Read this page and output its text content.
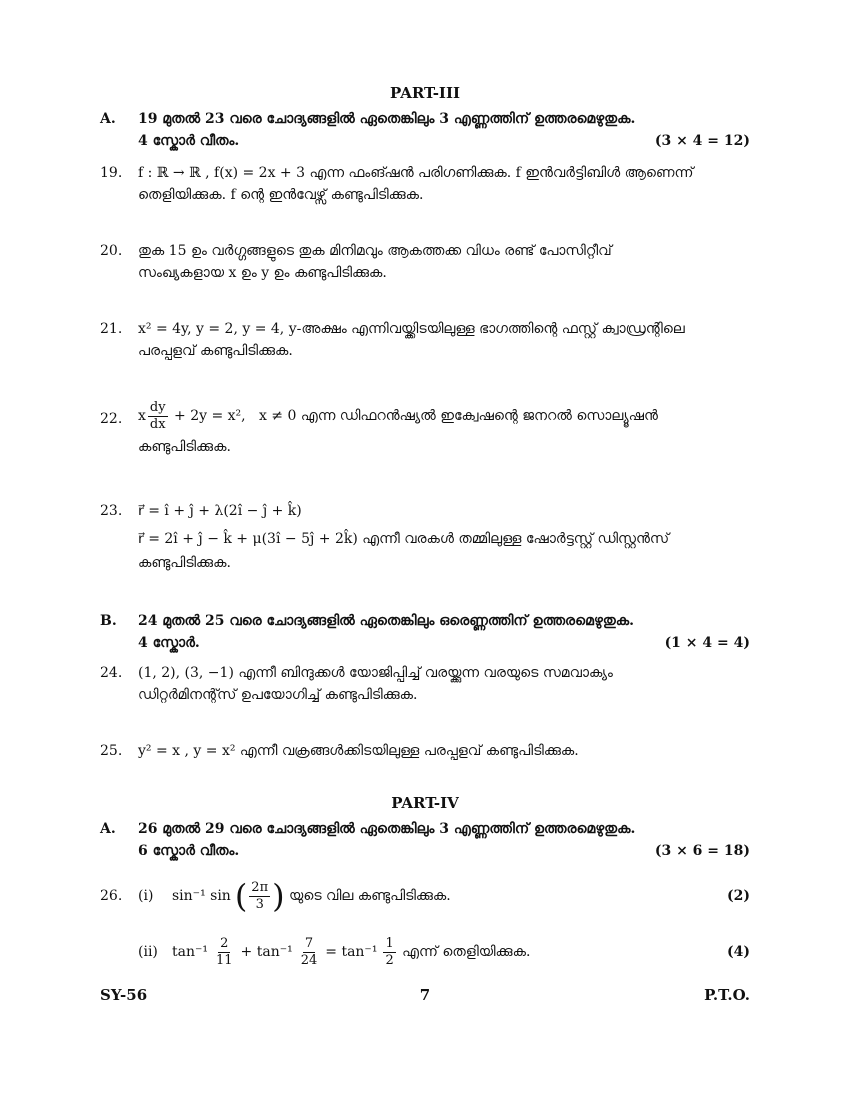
PART-III
A.	19 മുതൽ 23 വരെ ചോദ്യങ്ങളിൽ ഏതെങ്കിലും 3 എണ്ണത്തിന് ഉത്തരമെഴുതുക.
4 സ്കോർ വീതം.	(3 × 4 = 12)
19.	f : ℝ → ℝ , f(x) = 2x + 3 എന്ന ഫംങ്ഷൻ പരിഗണിക്കുക. f ഇൻവർട്ടിബിൾ ആണെന്ന്
തെളിയിക്കുക. f ന്റെ ഇൻവേഴ്സ് കണ്ടുപിടിക്കുക.
20.	തുക 15 ഉം വർഗ്ഗങ്ങളുടെ തുക മിനിമവും ആകത്തക്ക വിധം രണ്ട് പോസിറ്റീവ്
സംഖ്യകളായ x ഉം y ഉം കണ്ടുപിടിക്കുക.
21.	x² = 4y, y = 2, y = 4, y-അക്ഷം എന്നിവയ്ക്കിടയിലുള്ള ഭാഗത്തിന്റെ ഫസ്റ്റ് ക്വാഡ്രന്റിലെ
പരപ്പളവ് കണ്ടുപിടിക്കുക.
22.	x $\frac{dy}{dx} + 2y = x^2$,   x ≠ 0 എന്ന ഡിഫറൻഷ്യൽ ഇക്വേഷന്റെ ജനറൽ സൊല്യൂഷൻ
കണ്ടുപിടിക്കുക.
23.	r⃗ = î + ĵ + λ(2î − ĵ + k̂)
r⃗ = 2î + ĵ − k̂ + μ(3î − 5ĵ + 2k̂) എന്നീ വരകൾ തമ്മിലുള്ള ഷോർട്ടസ്റ്റ് ഡിസ്റ്റൻസ്
കണ്ടുപിടിക്കുക.
B.	24 മുതൽ 25 വരെ ചോദ്യങ്ങളിൽ ഏതെങ്കിലും ഒരെണ്ണത്തിന് ഉത്തരമെഴുതുക.
4 സ്കോർ.	(1 × 4 = 4)
24.	(1, 2), (3, −1) എന്നീ ബിന്ദുക്കൾ യോജിപ്പിച്ച് വരയ്ക്കുന്ന വരയുടെ സമവാക്യം
ഡിറ്റർമിനന്റ്സ് ഉപയോഗിച്ച് കണ്ടുപിടിക്കുക.
25.	y² = x , y = x² എന്നീ വക്രങ്ങൾക്കിടയിലുള്ള പരപ്പളവ് കണ്ടുപിടിക്കുക.
PART-IV
A.	26 മുതൽ 29 വരെ ചോദ്യങ്ങളിൽ ഏതെങ്കിലും 3 എണ്ണത്തിന് ഉത്തരമെഴുതുക.
6 സ്കോർ വീതം.	(3 × 6 = 18)
26.	(i)	sin⁻¹ sin ( $\frac{2\pi}{3}$ ) യുടെ വില കണ്ടുപിടിക്കുക.	(2)
(ii)	$\tan^{-1} \frac{2}{11} + \tan^{-1} \frac{7}{24} = \tan^{-1} \frac{1}{2}$ എന്ന് തെളിയിക്കുക.	(4)
SY-56	7	P.T.O.
